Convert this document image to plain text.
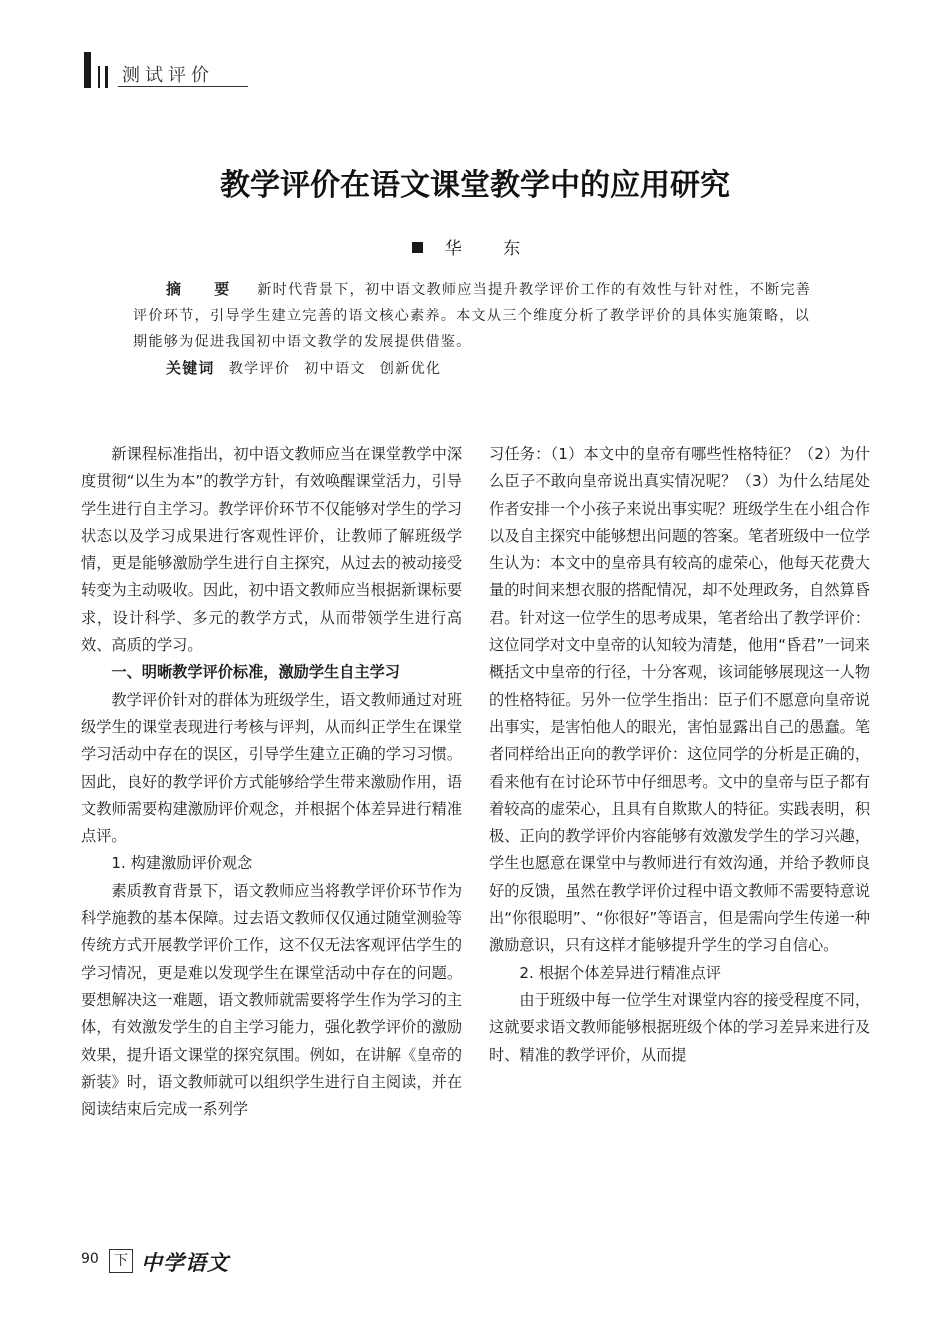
测试评价
教学评价在语文课堂教学中的应用研究
华 东

摘 要 新时代背景下，初中语文教师应当提升教学评价工作的有效性与针对性，不断完善评价环节，引导学生建立完善的语文核心素养。本文从三个维度分析了教学评价的具体实施策略，以期能够为促进我国初中语文教学的发展提供借鉴。

关键词 教学评价 初中语文 创新优化

新课程标准指出，初中语文教师应当在课堂教学中深度贯彻“以生为本”的教学方针，有效唤醒课堂活力，引导学生进行自主学习。教学评价环节不仅能够对学生的学习状态以及学习成果进行客观性评价，让教师了解班级学情，更是能够激励学生进行自主探究，从过去的被动接受转变为主动吸收。因此，初中语文教师应当根据新课标要求，设计科学、多元的教学方式，从而带领学生进行高效、高质的学习。

一、明晰教学评价标准，激励学生自主学习

教学评价针对的群体为班级学生，语文教师通过对班级学生的课堂表现进行考核与评判，从而纠正学生在课堂学习活动中存在的误区，引导学生建立正确的学习习惯。因此，良好的教学评价方式能够给学生带来激励作用，语文教师需要构建激励评价观念，并根据个体差异进行精准点评。

1. 构建激励评价观念

素质教育背景下，语文教师应当将教学评价环节作为科学施教的基本保障。过去语文教师仅仅通过随堂测验等传统方式开展教学评价工作，这不仅无法客观评估学生的学习情况，更是难以发现学生在课堂活动中存在的问题。要想解决这一难题，语文教师就需要将学生作为学习的主体，有效激发学生的自主学习能力，强化教学评价的激励效果，提升语文课堂的探究氛围。例如，在讲解《皇帝的新装》时，语文教师就可以组织学生进行自主阅读，并在阅读结束后完成一系列学

习任务：（1）本文中的皇帝有哪些性格特征？（2）为什么臣子不敢向皇帝说出真实情况呢？（3）为什么结尾处作者安排一个小孩子来说出事实呢？班级学生在小组合作以及自主探究中能够想出问题的答案。笔者班级中一位学生认为：本文中的皇帝具有较高的虚荣心，他每天花费大量的时间来想衣服的搭配情况，却不处理政务，自然算昏君。针对这一位学生的思考成果，笔者给出了教学评价：这位同学对文中皇帝的认知较为清楚，他用“昏君”一词来概括文中皇帝的行径，十分客观，该词能够展现这一人物的性格特征。另外一位学生指出：臣子们不愿意向皇帝说出事实，是害怕他人的眼光，害怕显露出自己的愚蠢。笔者同样给出正向的教学评价：这位同学的分析是正确的，看来他有在讨论环节中仔细思考。文中的皇帝与臣子都有着较高的虚荣心，且具有自欺欺人的特征。实践表明，积极、正向的教学评价内容能够有效激发学生的学习兴趣，学生也愿意在课堂中与教师进行有效沟通，并给予教师良好的反馈，虽然在教学评价过程中语文教师不需要特意说出“你很聪明”、“你很好”等语言，但是需向学生传递一种激励意识，只有这样才能够提升学生的学习自信心。

2. 根据个体差异进行精准点评

由于班级中每一位学生对课堂内容的接受程度不同，这就要求语文教师能够根据班级个体的学习差异来进行及时、精准的教学评价，从而提

90	下 中学语文
